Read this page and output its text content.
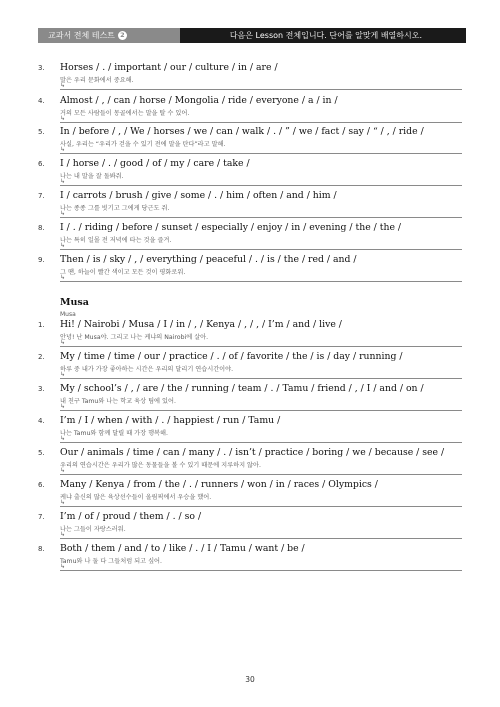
교과서 전체 테스트 2	다음은 Lesson 전체입니다. 단어를 알맞게 배열하시오.
3. Horses / . / important / our / culture / in / are /
말은 우리 문화에서 중요해.
↳
4. Almost / , / can / horse / Mongolia / ride / everyone / a / in /
거의 모든 사람들이 몽골에서는 말을 탈 수 있어.
↳
5. In / before / , / We / horses / we / can / walk / . / ” / we / fact / say / “ / , / ride /
사실, 우리는 “우리가 걷을 수 있기 전에 말을 탄다”라고 말해.
↳
6. I / horse / . / good / of / my / care / take /
나는 내 말을 잘 돌봐줘.
↳
7. I / carrots / brush / give / some / . / him / often / and / him /
나는 종종 그를 빗기고 그에게 당근도 줘.
↳
8. I / . / riding / before / sunset / especially / enjoy / in / evening / the / the /
나는 특히 일몰 전 저녁에 타는 것을 즐겨.
↳
9. Then / is / sky / , / everything / peaceful / . / is / the / red / and /
그 땐, 하늘이 빨간 색이고 모든 것이 평화로워.
↳
Musa
Musa
1. Hi! / Nairobi / Musa / I / in / , / Kenya / , / , / I’m / and / live /
안녕! 난 Musa야. 그리고 나는 케냐의 Nairobi에 살아.
↳
2. My / time / time / our / practice / . / of / favorite / the / is / day / running /
하루 중 내가 가장 좋아하는 시간은 우리의 달리기 연습시간이야.
↳
3. My / school’s / , / are / the / running / team / . / Tamu / friend / , / I / and / on /
내 친구 Tamu와 나는 학교 육상 팀에 있어.
↳
4. I’m / I / when / with / . / happiest / run / Tamu /
나는 Tamu와 함께 달릴 때 가장 행복해.
↳
5. Our / animals / time / can / many / . / isn’t / practice / boring / we / because / see /
우리의 연습시간은 우리가 많은 동물들을 볼 수 있기 때문에 지루하지 않아.
↳
6. Many / Kenya / from / the / . / runners / won / in / races / Olympics /
케냐 출신의 많은 육상선수들이 올림픽에서 우승을 했어.
↳
7. I’m / of / proud / them / . / so /
나는 그들이 자랑스러워.
↳
8. Both / them / and / to / like / . / I / Tamu / want / be /
Tamu와 나 둘 다 그들처럼 되고 싶어.
↳
30
